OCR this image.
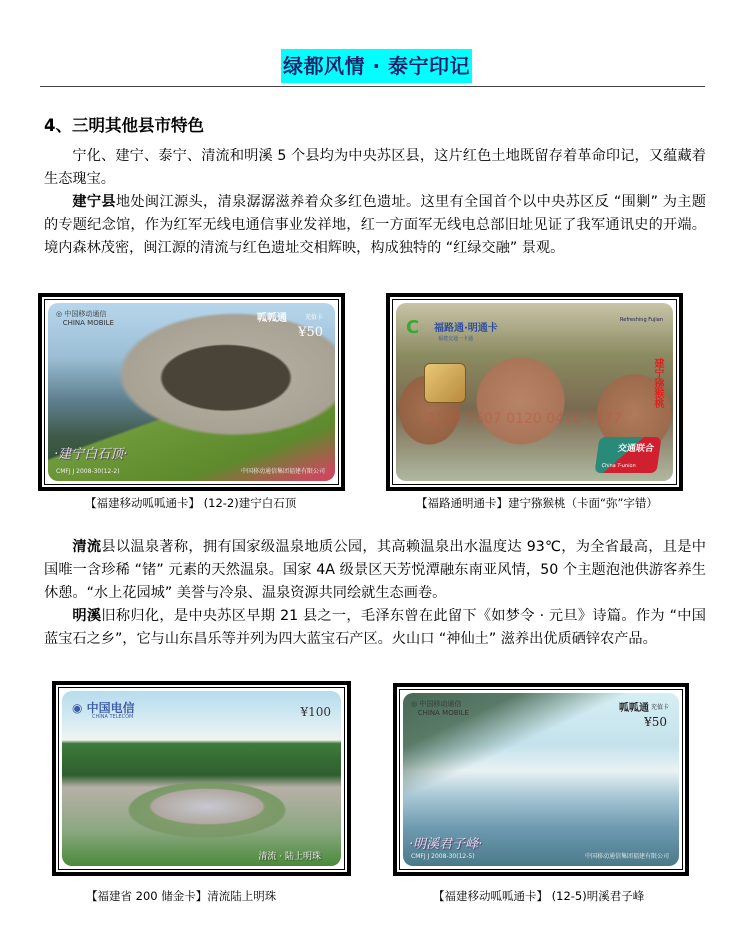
绿都风情 · 泰宁印记
4、三明其他县市特色

宁化、建宁、泰宁、清流和明溪 5 个县均为中央苏区县，这片红色土地既留存着革命印记，又蕴藏着生态瑰宝。

建宁县地处闽江源头，清泉潺潺滋养着众多红色遗址。这里有全国首个以中央苏区反 “围剿” 为主题的专题纪念馆，作为红军无线电通信事业发祥地，红一方面军无线电总部旧址见证了我军通讯史的开端。境内森林茂密，闽江源的清流与红色遗址交相辉映，构成独特的 “红绿交融” 景观。

◎ 中国移动通信
CHINA MOBILE	呱呱通	充值卡
¥50
·建宁白石顶·
CMFJ J 2008-30(12-2)	中国移动通信集团福建有限公司
C 福路通·明通卡
福建交通一卡通
Refreshing Fujian
建宁猕猴桃
3105 0607 0120 0410 4177
交通联合
China T-union
【福建移动呱呱通卡】 (12-2)建宁白石顶	【福路通明通卡】建宁猕猴桃（卡面“弥”字错）

清流县以温泉著称，拥有国家级温泉地质公园，其高赖温泉出水温度达 93℃，为全省最高，且是中国唯一含珍稀 “锗” 元素的天然温泉。国家 4A 级景区天芳悦潭融东南亚风情，50 个主题泡池供游客养生休憩。“水上花园城” 美誉与冷泉、温泉资源共同绘就生态画卷。

明溪旧称归化，是中央苏区早期 21 县之一，毛泽东曾在此留下《如梦令 · 元旦》诗篇。作为 “中国蓝宝石之乡”，它与山东昌乐等并列为四大蓝宝石产区。火山口 “神仙土” 滋养出优质硒锌农产品。

◉ 中国电信
CHINA TELECOM	¥100
清流 · 陆上明珠
◎ 中国移动通信
CHINA MOBILE	呱呱通 充值卡
¥50
·明溪君子峰·
CMFJ J 2008-30(12-5)	中国移动通信集团福建有限公司
【福建省 200 储金卡】清流陆上明珠	【福建移动呱呱通卡】 (12-5)明溪君子峰
